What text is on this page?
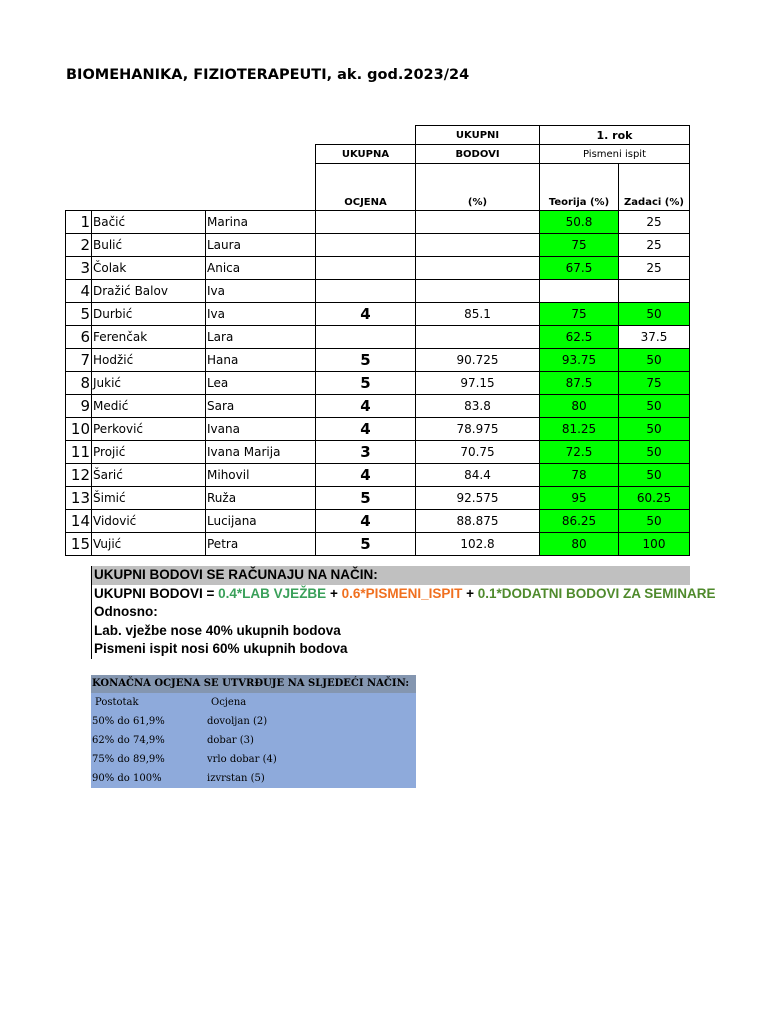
BIOMEHANIKA, FIZIOTERAPEUTI, ak. god.2023/24
				UKUPNI	1. rok	
			UKUPNA	BODOVI	Pismeni ispit	
			OCJENA	(%)	Teorija (%)	Zadaci (%)
1	Bačić	Marina			50.8	25
2	Bulić	Laura			75	25
3	Čolak	Anica			67.5	25
4	Dražić Balov	Iva				
5	Durbić	Iva	4	85.1	75	50
6	Ferenčak	Lara			62.5	37.5
7	Hodžić	Hana	5	90.725	93.75	50
8	Jukić	Lea	5	97.15	87.5	75
9	Medić	Sara	4	83.8	80	50
10	Perković	Ivana	4	78.975	81.25	50
11	Projić	Ivana Marija	3	70.75	72.5	50
12	Šarić	Mihovil	4	84.4	78	50
13	Šimić	Ruža	5	92.575	95	60.25
14	Vidović	Lucijana	4	88.875	86.25	50
15	Vujić	Petra	5	102.8	80	100
UKUPNI BODOVI SE RAČUNAJU NA NAČIN:
UKUPNI BODOVI = 0.4*LAB VJEŽBE + 0.6*PISMENI_ISPIT + 0.1*DODATNI BODOVI ZA SEMINARE
Odnosno:
Lab. vježbe nose 40% ukupnih bodova
Pismeni ispit nosi 60% ukupnih bodova
KONAČNA OCJENA SE UTVRĐUJE NA SLJEDEĆI NAČIN:
Postotak	Ocjena
50% do 61,9%	dovoljan (2)
62% do 74,9%	dobar (3)
75% do 89,9%	vrlo dobar (4)
90% do 100%	izvrstan (5)
